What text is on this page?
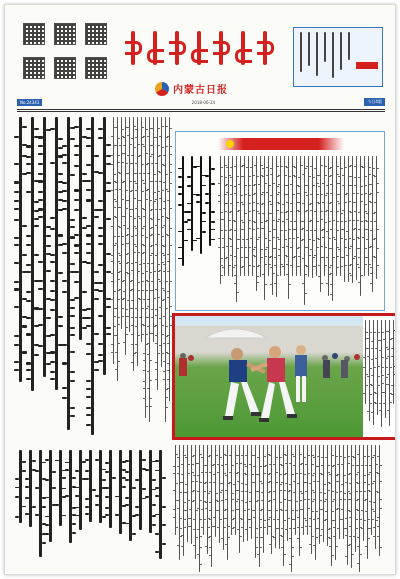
内蒙古日报
No.24343	2018-06-24	今日4版
